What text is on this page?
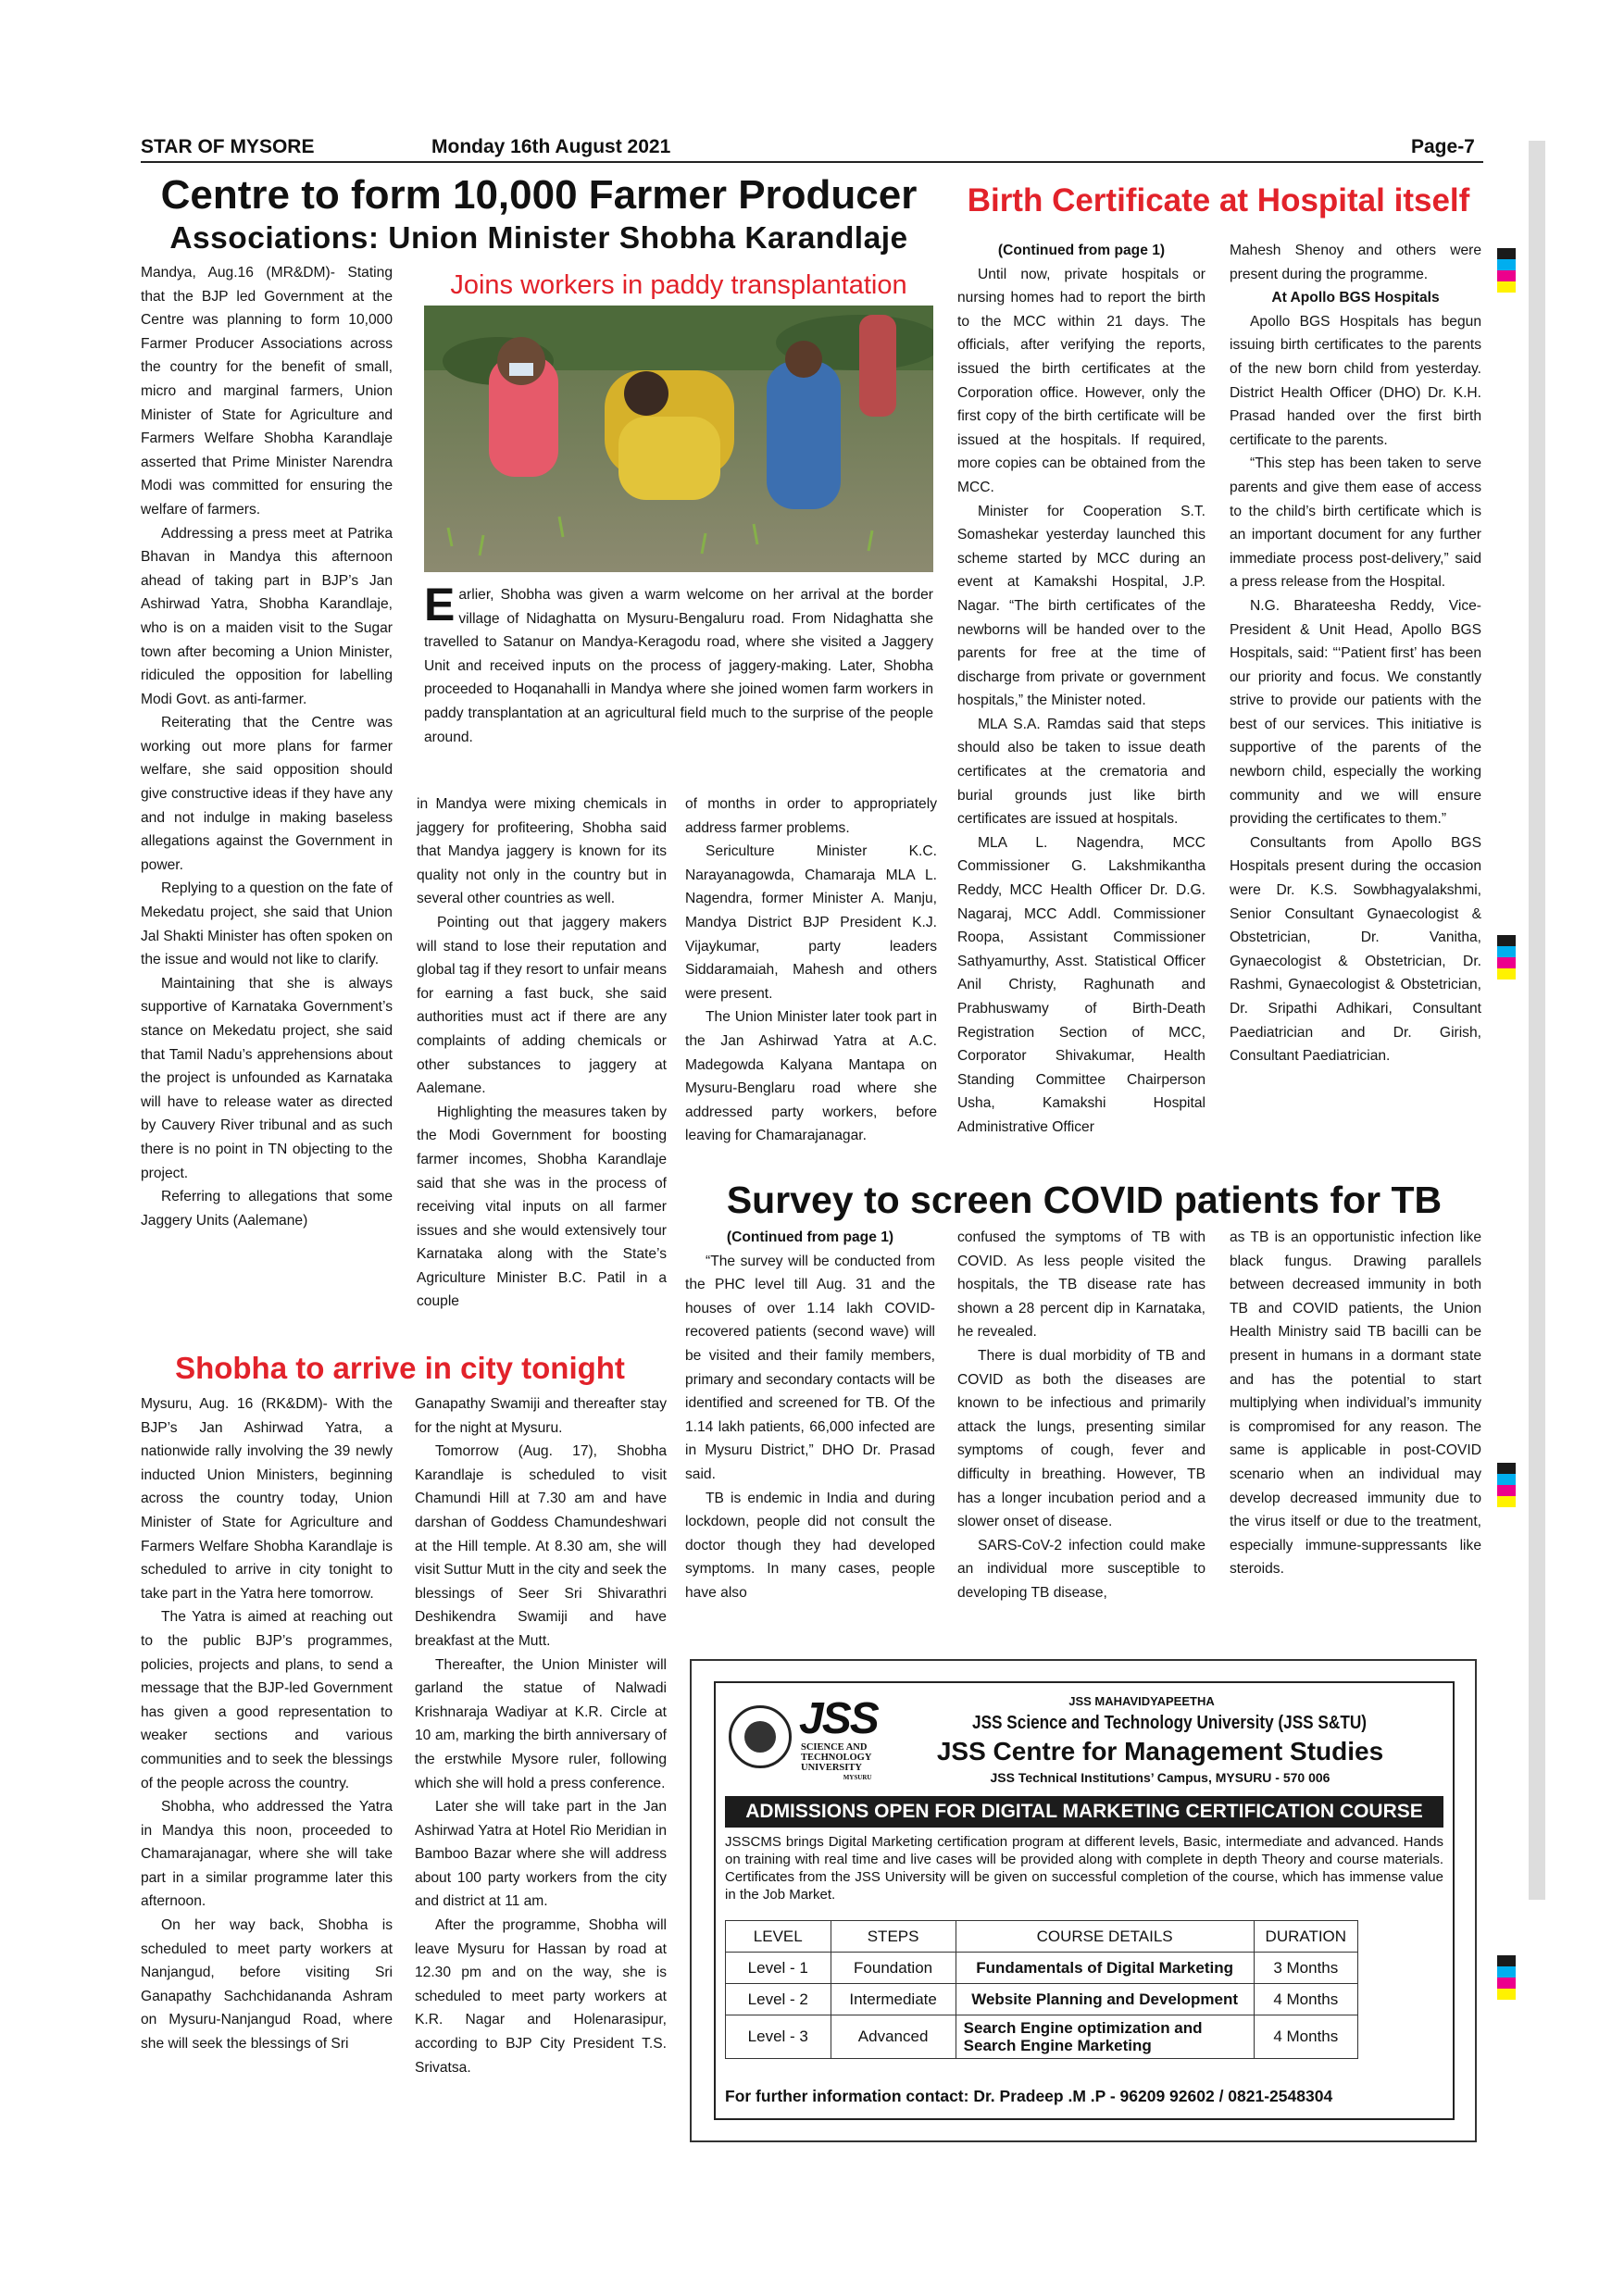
STAR OF MYSORE	Monday 16th August 2021	Page-7
Centre to form 10,000 Farmer Producer
Associations: Union Minister Shobha Karandlaje

Mandya, Aug.16 (MR&DM)- Stating that the BJP led Government at the Centre was planning to form 10,000 Farmer Producer Associations across the country for the benefit of small, micro and marginal farmers, Union Minister of State for Agriculture and Farmers Welfare Shobha Karandlaje asserted that Prime Minister Narendra Modi was committed for ensuring the welfare of farmers.

Addressing a press meet at Patrika Bhavan in Mandya this afternoon ahead of taking part in BJP’s Jan Ashirwad Yatra, Shobha Karandlaje, who is on a maiden visit to the Sugar town after becoming a Union Minister, ridiculed the opposition for labelling Modi Govt. as anti-farmer.

Reiterating that the Centre was working out more plans for farmer welfare, she said opposition should give constructive ideas if they have any and not indulge in making baseless allegations against the Government in power.

Replying to a question on the fate of Mekedatu project, she said that Union Jal Shakti Minister has often spoken on the issue and would not like to clarify.

Maintaining that she is always supportive of Karnataka Government’s stance on Mekedatu project, she said that Tamil Nadu’s apprehensions about the project is unfounded as Karnataka will have to release water as directed by Cauvery River tribunal and as such there is no point in TN objecting to the project.

Referring to allegations that some Jaggery Units (Aalemane)

Joins workers in paddy transplantation
Earlier, Shobha was given a warm welcome on her arrival at the border village of Nidaghatta on Mysuru-Bengaluru road. From Nidaghatta she travelled to Satanur on Mandya-Keragodu road, where she visited a Jaggery Unit and received inputs on the process of jaggery-making. Later, Shobha proceeded to Hoqanahalli in Mandya where she joined women farm workers in paddy transplantation at an agricultural field much to the surprise of the people around.

in Mandya were mixing chemicals in jaggery for profiteering, Shobha said that Mandya jaggery is known for its quality not only in the country but in several other countries as well.

Pointing out that jaggery makers will stand to lose their reputation and global tag if they resort to unfair means for earning a fast buck, she said authorities must act if there are any complaints of adding chemicals or other substances to jaggery at Aalemane.

Highlighting the measures taken by the Modi Government for boosting farmer incomes, Shobha Karandlaje said that she was in the process of receiving vital inputs on all farmer issues and she would extensively tour Karnataka along with the State’s Agriculture Minister B.C. Patil in a couple

of months in order to appropriately address farmer problems.

Sericulture Minister K.C. Narayanagowda, Chamaraja MLA L. Nagendra, former Minister A. Manju, Mandya District BJP President K.J. Vijaykumar, party leaders Siddaramaiah, Mahesh and others were present.

The Union Minister later took part in the Jan Ashirwad Yatra at A.C. Madegowda Kalyana Mantapa on Mysuru-Benglaru road where she addressed party workers, before leaving for Chamarajanagar.

Birth Certificate at Hospital itself
(Continued from page 1)

Until now, private hospitals or nursing homes had to report the birth to the MCC within 21 days. The officials, after verifying the reports, issued the birth certificates at the Corporation office. However, only the first copy of the birth certificate will be issued at the hospitals. If required, more copies can be obtained from the MCC.

Minister for Cooperation S.T. Somashekar yesterday launched this scheme started by MCC during an event at Kamakshi Hospital, J.P. Nagar. “The birth certificates of the newborns will be handed over to the parents for free at the time of discharge from private or government hospitals,” the Minister noted.

MLA S.A. Ramdas said that steps should also be taken to issue death certificates at the crematoria and burial grounds just like birth certificates are issued at hospitals.

MLA L. Nagendra, MCC Commissioner G. Lakshmikantha Reddy, MCC Health Officer Dr. D.G. Nagaraj, MCC Addl. Commissioner Roopa, Assistant Commissioner Sathyamurthy, Asst. Statistical Officer Anil Christy, Raghunath and Prabhuswamy of Birth-Death Registration Section of MCC, Corporator Shivakumar, Health Standing Committee Chairperson Usha, Kamakshi Hospital Administrative Officer

Mahesh Shenoy and others were present during the programme.

At Apollo BGS Hospitals

Apollo BGS Hospitals has begun issuing birth certificates to the parents of the new born child from yesterday. District Health Officer (DHO) Dr. K.H. Prasad handed over the first birth certificate to the parents.

“This step has been taken to serve parents and give them ease of access to the child’s birth certificate which is an important document for any further immediate process post-delivery,” said a press release from the Hospital.

N.G. Bharateesha Reddy, Vice-President & Unit Head, Apollo BGS Hospitals, said: “‘Patient first’ has been our priority and focus. We constantly strive to provide our patients with the best of our services. This initiative is supportive of the parents of the newborn child, especially the working community and we will ensure providing the certificates to them.”

Consultants from Apollo BGS Hospitals present during the occasion were Dr. K.S. Sowbhagyalakshmi, Senior Consultant Gynaecologist & Obstetrician, Dr. Vanitha, Gynaecologist & Obstetrician, Dr. Rashmi, Gynaecologist & Obstetrician, Dr. Sripathi Adhikari, Consultant Paediatrician and Dr. Girish, Consultant Paediatrician.

Survey to screen COVID patients for TB
(Continued from page 1)

“The survey will be conducted from the PHC level till Aug. 31 and the houses of over 1.14 lakh COVID-recovered patients (second wave) will be visited and their family members, primary and secondary contacts will be identified and screened for TB. Of the 1.14 lakh patients, 66,000 infected are in Mysuru District,” DHO Dr. Prasad said.

TB is endemic in India and during lockdown, people did not consult the doctor though they had developed symptoms. In many cases, people have also

confused the symptoms of TB with COVID. As less people visited the hospitals, the TB disease rate has shown a 28 percent dip in Karnataka, he revealed.

There is dual morbidity of TB and COVID as both the diseases are known to be infectious and primarily attack the lungs, presenting similar symptoms of cough, fever and difficulty in breathing. However, TB has a longer incubation period and a slower onset of disease.

SARS-CoV-2 infection could make an individual more susceptible to developing TB disease,

as TB is an opportunistic infection like black fungus. Drawing parallels between decreased immunity in both TB and COVID patients, the Union Health Ministry said TB bacilli can be present in humans in a dormant state and has the potential to start multiplying when individual’s immunity is compromised for any reason. The same is applicable in post-COVID scenario when an individual may develop decreased immunity due to the virus itself or due to the treatment, especially immune-suppressants like steroids.

Shobha to arrive in city tonight

Mysuru, Aug. 16 (RK&DM)- With the BJP’s Jan Ashirwad Yatra, a nationwide rally involving the 39 newly inducted Union Ministers, beginning across the country today, Union Minister of State for Agriculture and Farmers Welfare Shobha Karandlaje is scheduled to arrive in city tonight to take part in the Yatra here tomorrow.

The Yatra is aimed at reaching out to the public BJP’s programmes, policies, projects and plans, to send a message that the BJP-led Government has given a good representation to weaker sections and various communities and to seek the blessings of the people across the country.

Shobha, who addressed the Yatra in Mandya this noon, proceeded to Chamarajanagar, where she will take part in a similar programme later this afternoon.

On her way back, Shobha is scheduled to meet party workers at Nanjangud, before visiting Sri Ganapathy Sachchidananda Ashram on Mysuru-Nanjangud Road, where she will seek the blessings of Sri

Ganapathy Swamiji and thereafter stay for the night at Mysuru.

Tomorrow (Aug. 17), Shobha Karandlaje is scheduled to visit Chamundi Hill at 7.30 am and have darshan of Goddess Chamundeshwari at the Hill temple. At 8.30 am, she will visit Suttur Mutt in the city and seek the blessings of Seer Sri Shivarathri Deshikendra Swamiji and have breakfast at the Mutt.

Thereafter, the Union Minister will garland the statue of Nalwadi Krishnaraja Wadiyar at K.R. Circle at 10 am, marking the birth anniversary of the erstwhile Mysore ruler, following which she will hold a press conference.

Later she will take part in the Jan Ashirwad Yatra at Hotel Rio Meridian in Bamboo Bazar where she will address about 100 party workers from the city and district at 11 am.

After the programme, Shobha will leave Mysuru for Hassan by road at 12.30 pm and on the way, she is scheduled to meet party workers at K.R. Nagar and Holenarasipur, according to BJP City President T.S. Srivatsa.

JSS
SCIENCE AND
TECHNOLOGY
UNIVERSITY
MYSURU
JSS MAHAVIDYAPEETHA
JSS Science and Technology University (JSS S&TU)
JSS Centre for Management Studies
JSS Technical Institutions’ Campus, MYSURU - 570 006
ADMISSIONS OPEN FOR DIGITAL MARKETING CERTIFICATION COURSE
JSSCMS brings Digital Marketing certification program at different levels, Basic, intermediate and advanced. Hands on training with real time and live cases will be provided along with complete in depth Theory and course materials. Certificates from the JSS University will be given on successful completion of the course, which has immense value in the Job Market.
LEVEL	STEPS	COURSE DETAILS	DURATION
Level - 1	Foundation	Fundamentals of Digital Marketing	3 Months
Level - 2	Intermediate	Website Planning and Development	4 Months
Level - 3	Advanced	Search Engine optimization and Search Engine Marketing	4 Months
For further information contact: Dr. Pradeep .M .P - 96209 92602 / 0821-2548304
